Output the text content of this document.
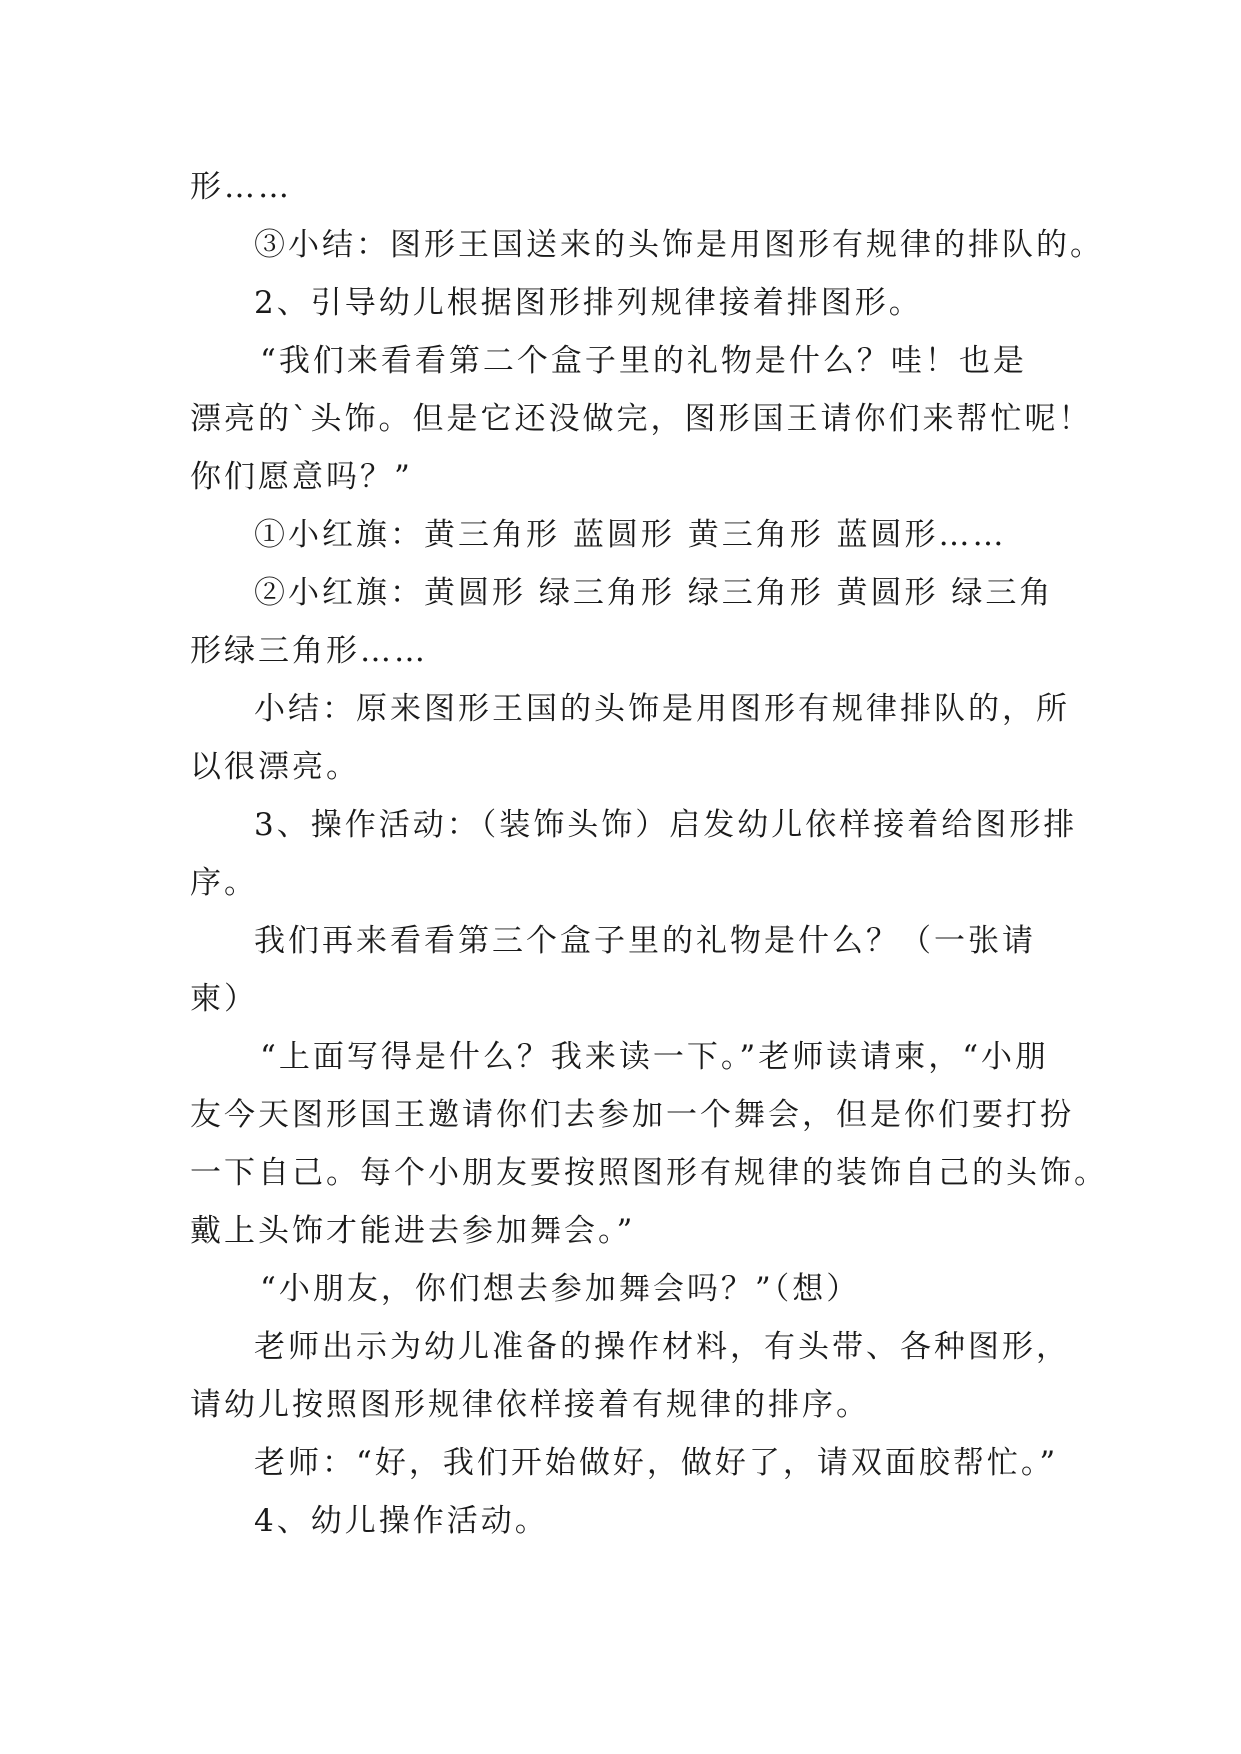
形……
③小结：图形王国送来的头饰是用图形有规律的排队的。
2、引导幼儿根据图形排列规律接着排图形。
“我们来看看第二个盒子里的礼物是什么？哇！也是
漂亮的`头饰。但是它还没做完，图形国王请你们来帮忙呢！
你们愿意吗？”
①小红旗：黄三角形 蓝圆形 黄三角形 蓝圆形……
②小红旗：黄圆形 绿三角形 绿三角形 黄圆形 绿三角
形绿三角形……
小结：原来图形王国的头饰是用图形有规律排队的，所
以很漂亮。
3、操作活动：（装饰头饰）启发幼儿依样接着给图形排
序。
我们再来看看第三个盒子里的礼物是什么？（一张请
柬）
“上面写得是什么？我来读一下。”老师读请柬，“小朋
友今天图形国王邀请你们去参加一个舞会，但是你们要打扮
一下自己。每个小朋友要按照图形有规律的装饰自己的头饰。
戴上头饰才能进去参加舞会。”
“小朋友，你们想去参加舞会吗？”（想）
老师出示为幼儿准备的操作材料，有头带、各种图形，
请幼儿按照图形规律依样接着有规律的排序。
老师：“好，我们开始做好，做好了，请双面胶帮忙。”
4、幼儿操作活动。
